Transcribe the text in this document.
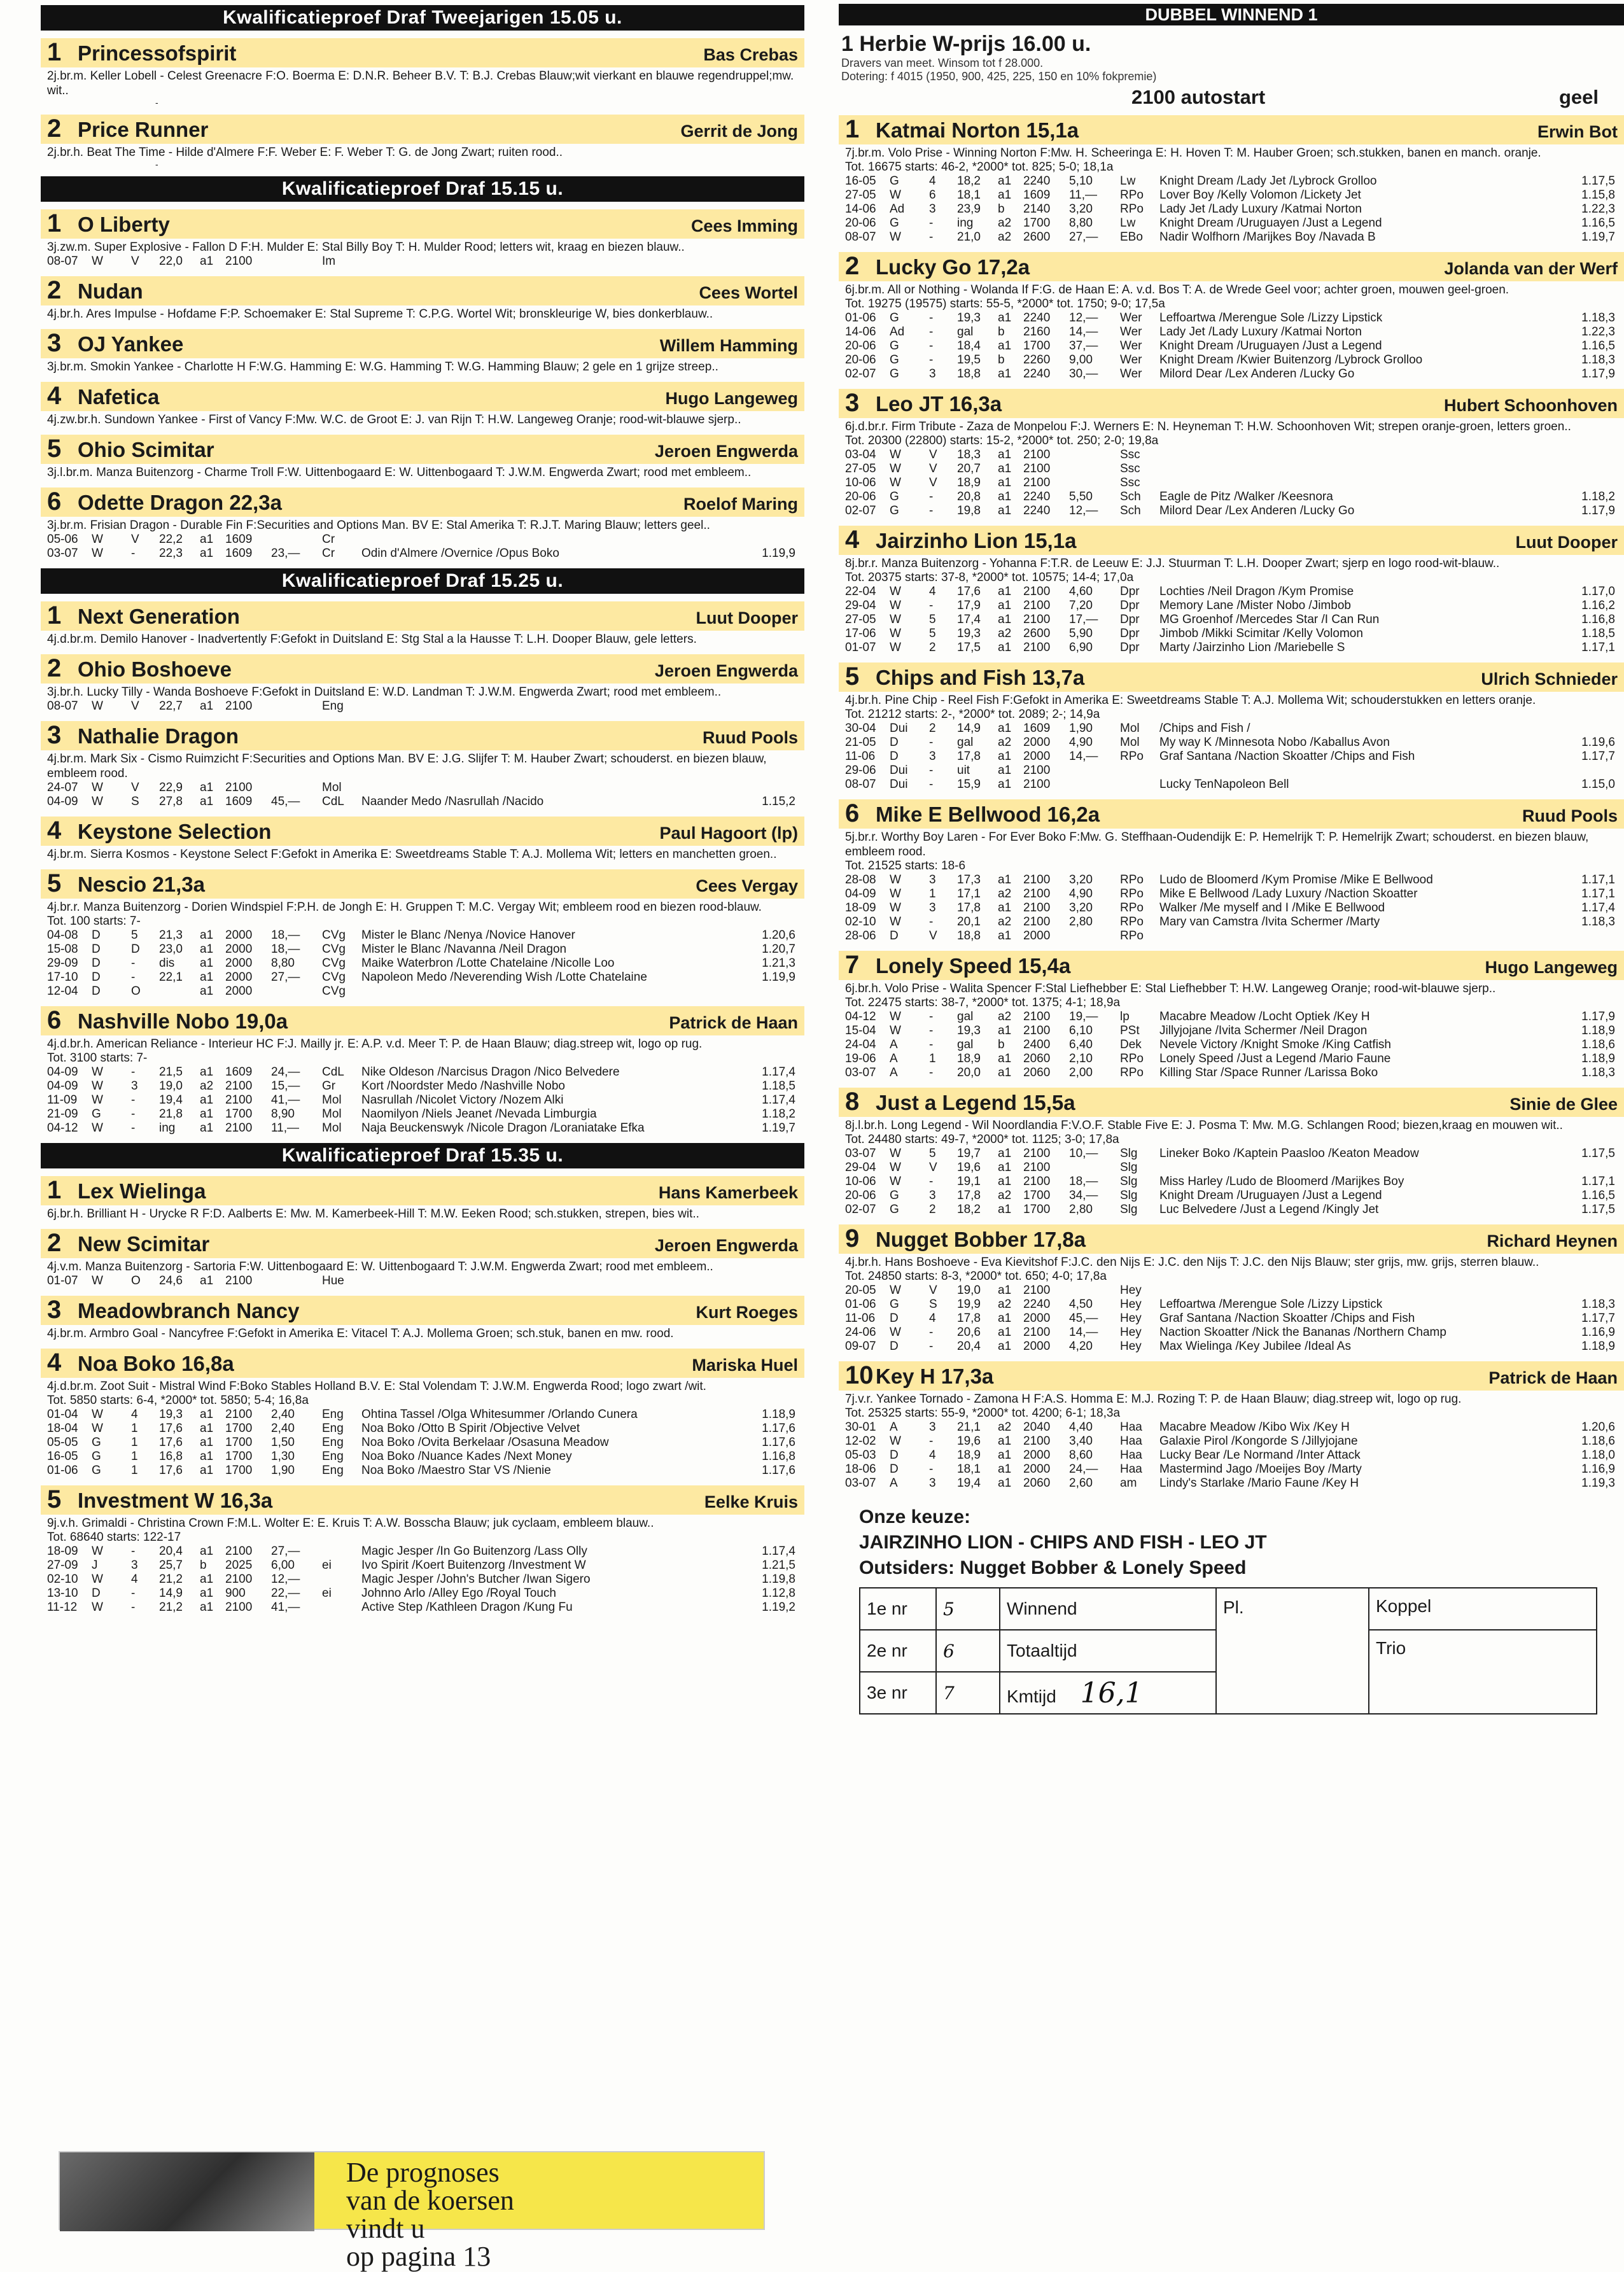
Kwalificatieproef Draf Tweejarigen 15.05 u.
1 Princessofspirit	Bas Crebas
2j.br.m. Keller Lobell - Celest Greenacre F:O. Boerma E: D.N.R. Beheer B.V. T: B.J. Crebas Blauw;wit vierkant en blauwe regendruppel;mw. wit..
-
2 Price Runner	Gerrit de Jong
2j.br.h. Beat The Time - Hilde d'Almere F:F. Weber E: F. Weber T: G. de Jong Zwart; ruiten rood..
-
Kwalificatieproef Draf 15.15 u.
1 O Liberty	Cees Imming
3j.zw.m. Super Explosive - Fallon D F:H. Mulder E: Stal Billy Boy T: H. Mulder Rood; letters wit, kraag en biezen blauw..
08-07	W	V	22,0	a1	2100		Im		
2 Nudan	Cees Wortel
4j.br.h. Ares Impulse - Hofdame F:P. Schoemaker E: Stal Supreme T: C.P.G. Wortel Wit; bronskleurige W, bies donkerblauw..
3 OJ Yankee	Willem Hamming
3j.br.m. Smokin Yankee - Charlotte H F:W.G. Hamming E: W.G. Hamming T: W.G. Hamming Blauw; 2 gele en 1 grijze streep..
4 Nafetica	Hugo Langeweg
4j.zw.br.h. Sundown Yankee - First of Vancy F:Mw. W.C. de Groot E: J. van Rijn T: H.W. Langeweg Oranje; rood-wit-blauwe sjerp..
5 Ohio Scimitar	Jeroen Engwerda
3j.l.br.m. Manza Buitenzorg - Charme Troll F:W. Uittenbogaard E: W. Uittenbogaard T: J.W.M. Engwerda Zwart; rood met embleem..
6 Odette Dragon 22,3a	Roelof Maring
3j.br.m. Frisian Dragon - Durable Fin F:Securities and Options Man. BV E: Stal Amerika T: R.J.T. Maring Blauw; letters geel..
05-06	W	V	22,2	a1	1609		Cr		
03-07	W	-	22,3	a1	1609	23,—	Cr	Odin d'Almere /Overnice /Opus Boko	1.19,9
Kwalificatieproef Draf 15.25 u.
1 Next Generation	Luut Dooper
4j.d.br.m. Demilo Hanover - Inadvertently F:Gefokt in Duitsland E: Stg Stal a la Hausse T: L.H. Dooper Blauw, gele letters.
2 Ohio Boshoeve	Jeroen Engwerda
3j.br.h. Lucky Tilly - Wanda Boshoeve F:Gefokt in Duitsland E: W.D. Landman T: J.W.M. Engwerda Zwart; rood met embleem..
08-07	W	V	22,7	a1	2100		Eng		
3 Nathalie Dragon	Ruud Pools
4j.br.m. Mark Six - Cismo Ruimzicht F:Securities and Options Man. BV E: J.G. Slijfer T: M. Hauber Zwart; schouderst. en biezen blauw, embleem rood.
24-07	W	V	22,9	a1	2100		Mol		
04-09	W	S	27,8	a1	1609	45,—	CdL	Naander Medo /Nasrullah /Nacido	1.15,2
4 Keystone Selection	Paul Hagoort (lp)
4j.br.m. Sierra Kosmos - Keystone Select F:Gefokt in Amerika E: Sweetdreams Stable T: A.J. Mollema Wit; letters en manchetten groen..
5 Nescio 21,3a	Cees Vergay
4j.br.r. Manza Buitenzorg - Dorien Windspiel F:P.H. de Jongh E: H. Gruppen T: M.C. Vergay Wit; embleem rood en biezen rood-blauw.
Tot. 100 starts: 7-
04-08	D	5	21,3	a1	2000	18,—	CVg	Mister le Blanc /Nenya /Novice Hanover	1.20,6
15-08	D	D	23,0	a1	2000	18,—	CVg	Mister le Blanc /Navanna /Neil Dragon	1.20,7
29-09	D	-	dis	a1	2000	8,80	CVg	Maike Waterbron /Lotte Chatelaine /Nicolle Loo	1.21,3
17-10	D	-	22,1	a1	2000	27,—	CVg	Napoleon Medo /Neverending Wish /Lotte Chatelaine	1.19,9
12-04	D	O		a1	2000		CVg		
6 Nashville Nobo 19,0a	Patrick de Haan
4j.d.br.h. American Reliance - Interieur HC F:J. Mailly jr. E: A.P. v.d. Meer T: P. de Haan Blauw; diag.streep wit, logo op rug.
Tot. 3100 starts: 7-
04-09	W	-	21,5	a1	1609	24,—	CdL	Nike Oldeson /Narcisus Dragon /Nico Belvedere	1.17,4
04-09	W	3	19,0	a2	2100	15,—	Gr	Kort /Noordster Medo /Nashville Nobo	1.18,5
11-09	W	-	19,4	a1	2100	41,—	Mol	Nasrullah /Nicolet Victory /Nozem Alki	1.17,4
21-09	G	-	21,8	a1	1700	8,90	Mol	Naomilyon /Niels Jeanet /Nevada Limburgia	1.18,2
04-12	W	-	ing	a1	2100	11,—	Mol	Naja Beuckenswyk /Nicole Dragon /Loraniatake Efka	1.19,7
Kwalificatieproef Draf 15.35 u.
1 Lex Wielinga	Hans Kamerbeek
6j.br.h. Brilliant H - Urycke R F:D. Aalberts E: Mw. M. Kamerbeek-Hill T: M.W. Eeken Rood; sch.stukken, strepen, bies wit..
2 New Scimitar	Jeroen Engwerda
4j.v.m. Manza Buitenzorg - Sartoria F:W. Uittenbogaard E: W. Uittenbogaard T: J.W.M. Engwerda Zwart; rood met embleem..
01-07	W	O	24,6	a1	2100		Hue		
3 Meadowbranch Nancy	Kurt Roeges
4j.br.m. Armbro Goal - Nancyfree F:Gefokt in Amerika E: Vitacel T: A.J. Mollema Groen; sch.stuk, banen en mw. rood.
4 Noa Boko 16,8a	Mariska Huel
4j.d.br.m. Zoot Suit - Mistral Wind F:Boko Stables Holland B.V. E: Stal Volendam T: J.W.M. Engwerda Rood; logo zwart /wit.
Tot. 5850 starts: 6-4, *2000* tot. 5850; 5-4; 16,8a
01-04	W	4	19,3	a1	2100	2,40	Eng	Ohtina Tassel /Olga Whitesummer /Orlando Cunera	1.18,9
18-04	W	1	17,6	a1	1700	2,40	Eng	Noa Boko /Otto B Spirit /Objective Velvet	1.17,6
05-05	G	1	17,6	a1	1700	1,50	Eng	Noa Boko /Ovita Berkelaar /Osasuna Meadow	1.17,6
16-05	G	1	16,8	a1	1700	1,30	Eng	Noa Boko /Nuance Kades /Next Money	1.16,8
01-06	G	1	17,6	a1	1700	1,90	Eng	Noa Boko /Maestro Star VS /Nienie	1.17,6
5 Investment W 16,3a	Eelke Kruis
9j.v.h. Grimaldi - Christina Crown F:M.L. Wolter E: E. Kruis T: A.W. Bosscha Blauw; juk cyclaam, embleem blauw..
Tot. 68640 starts: 122-17
18-09	W	-	20,4	a1	2100	27,—		Magic Jesper /In Go Buitenzorg /Lass Olly	1.17,4
27-09	J	3	25,7	b	2025	6,00	ei	Ivo Spirit /Koert Buitenzorg /Investment W	1.21,5
02-10	W	4	21,2	a1	2100	12,—		Magic Jesper /John's Butcher /Iwan Sigero	1.19,8
13-10	D	-	14,9	a1	900	22,—	ei	Johnno Arlo /Alley Ego /Royal Touch	1.12,8
11-12	W	-	21,2	a1	2100	41,—		Active Step /Kathleen Dragon /Kung Fu	1.19,2
DUBBEL WINNEND 1
1 Herbie W-prijs 16.00 u.
Dravers van meet. Winsom tot f 28.000.
Dotering: f 4015 (1950, 900, 425, 225, 150 en 10% fokpremie)
2100 autostart	geel
1 Katmai Norton 15,1a	Erwin Bot
7j.br.m. Volo Prise - Winning Norton F:Mw. H. Scheeringa E: H. Hoven T: M. Hauber Groen; sch.stukken, banen en manch. oranje.
Tot. 16675 starts: 46-2, *2000* tot. 825; 5-0; 18,1a
16-05	G	4	18,2	a1	2240	5,10	Lw	Knight Dream /Lady Jet /Lybrock Grolloo	1.17,5
27-05	W	6	18,1	a1	1609	11,—	RPo	Lover Boy /Kelly Volomon /Lickety Jet	1.15,8
14-06	Ad	3	23,9	b	2140	3,20	RPo	Lady Jet /Lady Luxury /Katmai Norton	1.22,3
20-06	G	-	ing	a2	1700	8,80	Lw	Knight Dream /Uruguayen /Just a Legend	1.16,5
08-07	W	-	21,0	a2	2600	27,—	EBo	Nadir Wolfhorn /Marijkes Boy /Navada B	1.19,7
2 Lucky Go 17,2a	Jolanda van der Werf
6j.br.m. All or Nothing - Wolanda If F:G. de Haan E: A. v.d. Bos T: A. de Wrede Geel voor; achter groen, mouwen geel-groen.
Tot. 19275 (19575) starts: 55-5, *2000* tot. 1750; 9-0; 17,5a
01-06	G	-	19,3	a1	2240	12,—	Wer	Leffoartwa /Merengue Sole /Lizzy Lipstick	1.18,3
14-06	Ad	-	gal	b	2160	14,—	Wer	Lady Jet /Lady Luxury /Katmai Norton	1.22,3
20-06	G	-	18,4	a1	1700	37,—	Wer	Knight Dream /Uruguayen /Just a Legend	1.16,5
20-06	G	-	19,5	b	2260	9,00	Wer	Knight Dream /Kwier Buitenzorg /Lybrock Grolloo	1.18,3
02-07	G	3	18,8	a1	2240	30,—	Wer	Milord Dear /Lex Anderen /Lucky Go	1.17,9
3 Leo JT 16,3a	Hubert Schoonhoven
6j.d.br.r. Firm Tribute - Zaza de Monpelou F:J. Werners E: N. Heyneman T: H.W. Schoonhoven Wit; strepen oranje-groen, letters groen..
Tot. 20300 (22800) starts: 15-2, *2000* tot. 250; 2-0; 19,8a
03-04	W	V	18,3	a1	2100		Ssc		
27-05	W	V	20,7	a1	2100		Ssc		
10-06	W	V	18,9	a1	2100		Ssc		
20-06	G	-	20,8	a1	2240	5,50	Sch	Eagle de Pitz /Walker /Keesnora	1.18,2
02-07	G	-	19,8	a1	2240	12,—	Sch	Milord Dear /Lex Anderen /Lucky Go	1.17,9
4 Jairzinho Lion 15,1a	Luut Dooper
8j.br.r. Manza Buitenzorg - Yohanna F:T.R. de Leeuw E: J.J. Stuurman T: L.H. Dooper Zwart; sjerp en logo rood-wit-blauw..
Tot. 20375 starts: 37-8, *2000* tot. 10575; 14-4; 17,0a
22-04	W	4	17,6	a1	2100	4,60	Dpr	Lochties /Neil Dragon /Kym Promise	1.17,0
29-04	W	-	17,9	a1	2100	7,20	Dpr	Memory Lane /Mister Nobo /Jimbob	1.16,2
27-05	W	5	17,4	a1	2100	17,—	Dpr	MG Groenhof /Mercedes Star /I Can Run	1.16,8
17-06	W	5	19,3	a2	2600	5,90	Dpr	Jimbob /Mikki Scimitar /Kelly Volomon	1.18,5
01-07	W	2	17,5	a1	2100	6,90	Dpr	Marty /Jairzinho Lion /Mariebelle S	1.17,1
5 Chips and Fish 13,7a	Ulrich Schnieder
4j.br.h. Pine Chip - Reel Fish F:Gefokt in Amerika E: Sweetdreams Stable T: A.J. Mollema Wit; schouderstukken en letters oranje.
Tot. 21212 starts: 2-, *2000* tot. 2089; 2-; 14,9a
30-04	Dui	2	14,9	a1	1609	1,90	Mol	/Chips and Fish /	
21-05	D	-	gal	a2	2000	4,90	Mol	My way K /Minnesota Nobo /Kaballus Avon	1.19,6
11-06	D	3	17,8	a1	2000	14,—	RPo	Graf Santana /Naction Skoatter /Chips and Fish	1.17,7
29-06	Dui	-	uit	a1	2100				
08-07	Dui	-	15,9	a1	2100			Lucky TenNapoleon Bell	1.15,0
6 Mike E Bellwood 16,2a	Ruud Pools
5j.br.r. Worthy Boy Laren - For Ever Boko F:Mw. G. Steffhaan-Oudendijk E: P. Hemelrijk T: P. Hemelrijk Zwart; schouderst. en biezen blauw, embleem rood.
Tot. 21525 starts: 18-6
28-08	W	3	17,3	a1	2100	3,20	RPo	Ludo de Bloomerd /Kym Promise /Mike E Bellwood	1.17,1
04-09	W	1	17,1	a2	2100	4,90	RPo	Mike E Bellwood /Lady Luxury /Naction Skoatter	1.17,1
18-09	W	3	17,8	a1	2100	3,20	RPo	Walker /Me myself and I /Mike E Bellwood	1.17,4
02-10	W	-	20,1	a2	2100	2,80	RPo	Mary van Camstra /Ivita Schermer /Marty	1.18,3
28-06	D	V	18,8	a1	2000		RPo		
7 Lonely Speed 15,4a	Hugo Langeweg
6j.br.h. Volo Prise - Walita Spencer F:Stal Liefhebber E: Stal Liefhebber T: H.W. Langeweg Oranje; rood-wit-blauwe sjerp..
Tot. 22475 starts: 38-7, *2000* tot. 1375; 4-1; 18,9a
04-12	W	-	gal	a2	2100	19,—	lp	Macabre Meadow /Locht Optiek /Key H	1.17,9
15-04	W	-	19,3	a1	2100	6,10	PSt	Jillyjojane /Ivita Schermer /Neil Dragon	1.18,9
24-04	A	-	gal	b	2400	6,40	Dek	Nevele Victory /Knight Smoke /King Catfish	1.18,6
19-06	A	1	18,9	a1	2060	2,10	RPo	Lonely Speed /Just a Legend /Mario Faune	1.18,9
03-07	A	-	20,0	a1	2060	2,00	RPo	Killing Star /Space Runner /Larissa Boko	1.18,3
8 Just a Legend 15,5a	Sinie de Glee
8j.l.br.h. Long Legend - Wil Noordlandia F:V.O.F. Stable Five E: J. Posma T: Mw. M.G. Schlangen Rood; biezen,kraag en mouwen wit..
Tot. 24480 starts: 49-7, *2000* tot. 1125; 3-0; 17,8a
03-07	W	5	19,7	a1	2100	10,—	Slg	Lineker Boko /Kaptein Paasloo /Keaton Meadow	1.17,5
29-04	W	V	19,6	a1	2100		Slg		
10-06	W	-	19,1	a1	2100	18,—	Slg	Miss Harley /Ludo de Bloomerd /Marijkes Boy	1.17,1
20-06	G	3	17,8	a2	1700	34,—	Slg	Knight Dream /Uruguayen /Just a Legend	1.16,5
02-07	G	2	18,2	a1	1700	2,80	Slg	Luc Belvedere /Just a Legend /Kingly Jet	1.17,5
9 Nugget Bobber 17,8a	Richard Heynen
4j.br.h. Hans Boshoeve - Eva Kievitshof F:J.C. den Nijs E: J.C. den Nijs T: J.C. den Nijs Blauw; ster grijs, mw. grijs, sterren blauw..
Tot. 24850 starts: 8-3, *2000* tot. 650; 4-0; 17,8a
20-05	W	V	19,0	a1	2100		Hey		
01-06	G	S	19,9	a2	2240	4,50	Hey	Leffoartwa /Merengue Sole /Lizzy Lipstick	1.18,3
11-06	D	4	17,8	a1	2000	45,—	Hey	Graf Santana /Naction Skoatter /Chips and Fish	1.17,7
24-06	W	-	20,6	a1	2100	14,—	Hey	Naction Skoatter /Nick the Bananas /Northern Champ	1.16,9
09-07	D	-	20,4	a1	2000	4,20	Hey	Max Wielinga /Key Jubilee /Ideal As	1.18,9
10 Key H 17,3a	Patrick de Haan
7j.v.r. Yankee Tornado - Zamona H F:A.S. Homma E: M.J. Rozing T: P. de Haan Blauw; diag.streep wit, logo op rug.
Tot. 25325 starts: 55-9, *2000* tot. 4200; 6-1; 18,3a
30-01	A	3	21,1	a2	2040	4,40	Haa	Macabre Meadow /Kibo Wix /Key H	1.20,6
12-02	W	-	19,6	a1	2100	3,40	Haa	Galaxie Pirol /Kongorde S /Jillyjojane	1.18,6
05-03	D	4	18,9	a1	2000	8,60	Haa	Lucky Bear /Le Normand /Inter Attack	1.18,0
18-06	D	-	18,1	a1	2000	24,—	Haa	Mastermind Jago /Moeijes Boy /Marty	1.16,9
03-07	A	3	19,4	a1	2060	2,60	am	Lindy's Starlake /Mario Faune /Key H	1.19,3
Onze keuze:
JAIRZINHO LION - CHIPS AND FISH - LEO JT
Outsiders: Nugget Bobber & Lonely Speed
1e nr	5	Winnend	Pl.	Koppel
2e nr	6	Totaaltijd		Trio
3e nr	7	Kmtijd 16,1		
De prognoses
van de koersen
vindt u
op pagina 13
